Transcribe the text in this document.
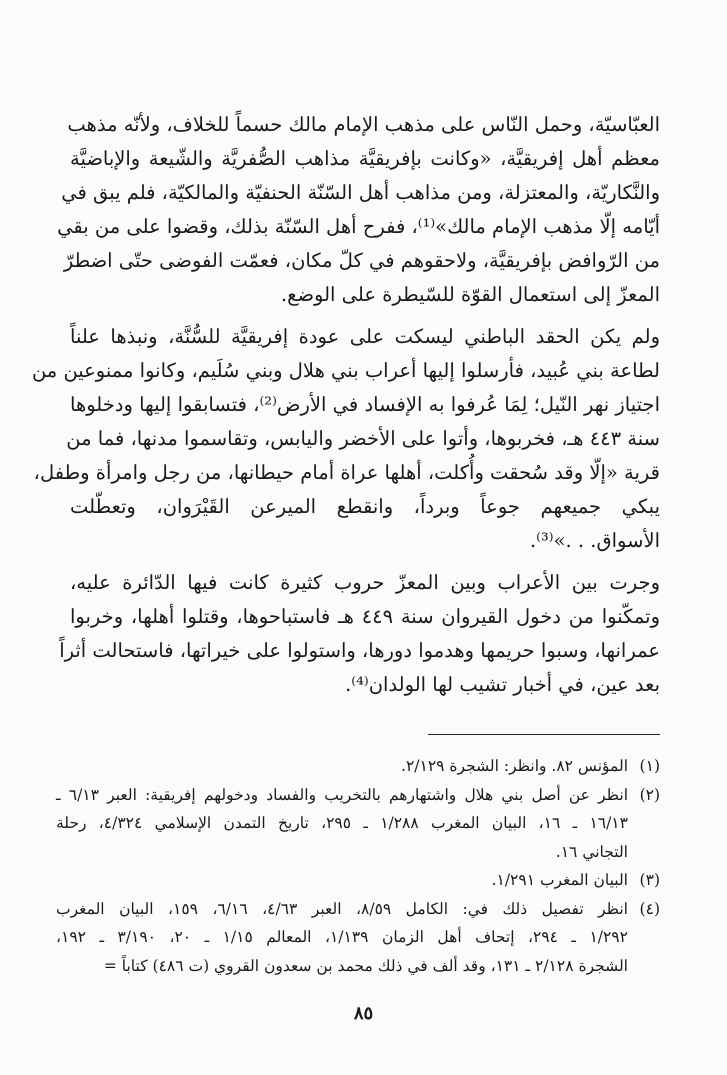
العبّاسيّة، وحمل النّاس على مذهب الإمام مالك حسماً للخلاف، ولأنّه مذهب
معظم أهل إفريقيَّة، «وكانت بإفريقيَّة مذاهب الصُّفريَّة والشّيعة والإباضيَّة
والنَّكاريّة، والمعتزلة، ومن مذاهب أهل السّنّة الحنفيّة والمالكيّة، فلم يبق في
أيّامه إلّا مذهب الإمام مالك»⁽¹⁾، ففرح أهل السّنّة بذلك، وقضوا على من بقي
من الرّوافض بإفريقيَّة، ولاحقوهم في كلّ مكان، فعمّت الفوضى حتّى اضطرّ
المعزّ إلى استعمال القوّة للسّيطرة على الوضع.
ولم يكن الحقد الباطني ليسكت على عودة إفريقيَّة للسُّنَّة، ونبذها علناً
لطاعة بني عُبيد، فأرسلوا إليها أعراب بني هلال وبني سُلَيم، وكانوا ممنوعين من
اجتياز نهر النّيل؛ لِمَا عُرفوا به الإفساد في الأرض⁽²⁾، فتسابقوا إليها ودخلوها
سنة ٤٤٣ هـ، فخربوها، وأتوا على الأخضر واليابس، وتقاسموا مدنها، فما من
قرية «إلّا وقد سُحقت وأُكلت، أهلها عراة أمام حيطانها، من رجل وامرأة وطفل،
يبكي جميعهم جوعاً وبرداً، وانقطع الميرعن القَيْرَوان، وتعطّلت
الأسواق. . .»⁽³⁾.
وجرت بين الأعراب وبين المعزّ حروب كثيرة كانت فيها الدّائرة عليه،
وتمكّنوا من دخول القيروان سنة ٤٤٩ هـ فاستباحوها، وقتلوا أهلها، وخربوا
عمرانها، وسبوا حريمها وهدموا دورها، واستولوا على خيراتها، فاستحالت أثراً
بعد عين، في أخبار تشيب لها الولدان⁽⁴⁾.
(١)المؤنس ٨٢. وانظر: الشجرة ٢/١٢٩.
(٢)انظر عن أصل بني هلال واشتهارهم بالتخريب والفساد ودخولهم إفريقية: العبر ٦/١٣ ـ
١٦/١٣ ـ ١٦، البيان المغرب ١/٢٨٨ ـ ٢٩٥، تاريخ التمدن الإسلامي ٤/٣٢٤، رحلة
التجاني ١٦.
(٣)البيان المغرب ١/٢٩١.
(٤)انظر تفصيل ذلك في: الكامل ٨/٥٩، العبر ٤/٦٣، ٦/١٦، ١٥٩، البيان المغرب
١/٢٩٢ ـ ٢٩٤، إتحاف أهل الزمان ١/١٣٩، المعالم ١/١٥ ـ ٢٠، ٣/١٩٠ ـ ١٩٢،
الشجرة ٢/١٢٨ ـ ١٣١، وقد ألف في ذلك محمد بن سعدون القروي (ت ٤٨٦) كتاباً =
٨٥
